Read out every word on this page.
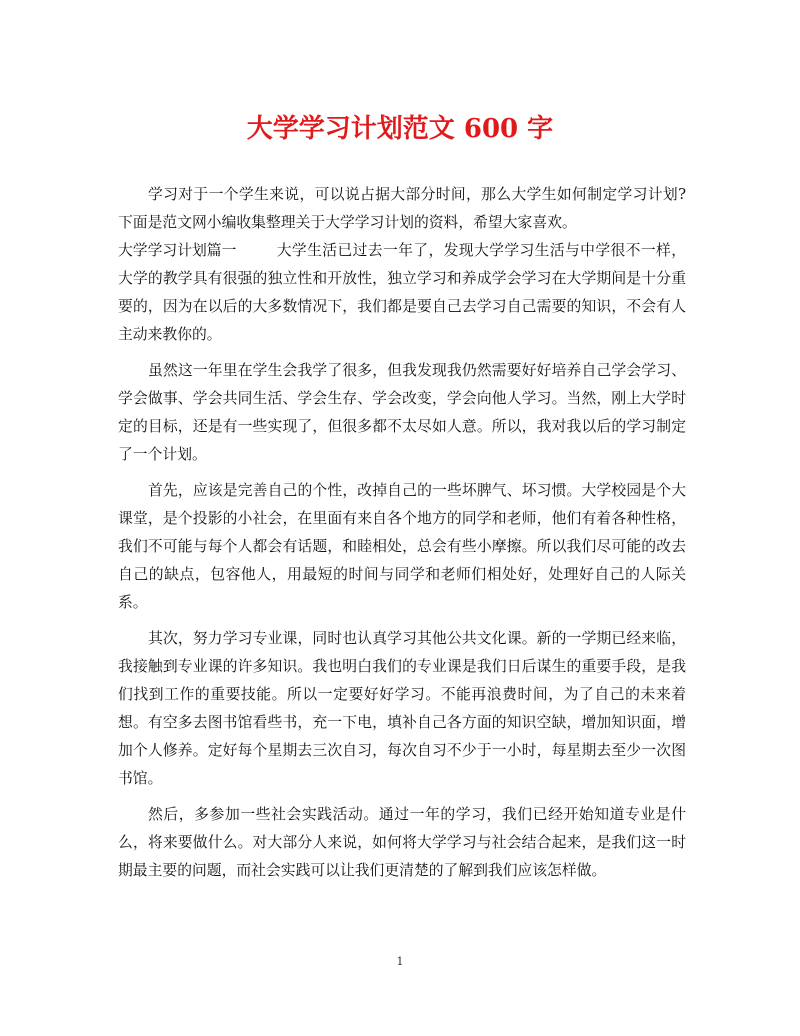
大学学习计划范文 600 字

学习对于一个学生来说，可以说占据大部分时间，那么大学生如何制定学习计划?下面是范文网小编收集整理关于大学学习计划的资料，希望大家喜欢。

大学学习计划篇一	大学生活已过去一年了，发现大学学习生活与中学很不一样，大学的教学具有很强的独立性和开放性，独立学习和养成学会学习在大学期间是十分重要的，因为在以后的大多数情况下，我们都是要自己去学习自己需要的知识，不会有人主动来教你的。

虽然这一年里在学生会我学了很多，但我发现我仍然需要好好培养自己学会学习、学会做事、学会共同生活、学会生存、学会改变，学会向他人学习。当然，刚上大学时定的目标，还是有一些实现了，但很多都不太尽如人意。所以，我对我以后的学习制定了一个计划。

首先，应该是完善自己的个性，改掉自己的一些坏脾气、坏习惯。大学校园是个大课堂，是个投影的小社会，在里面有来自各个地方的同学和老师，他们有着各种性格，我们不可能与每个人都会有话题，和睦相处，总会有些小摩擦。所以我们尽可能的改去自己的缺点，包容他人，用最短的时间与同学和老师们相处好，处理好自己的人际关系。

其次，努力学习专业课，同时也认真学习其他公共文化课。新的一学期已经来临，我接触到专业课的许多知识。我也明白我们的专业课是我们日后谋生的重要手段，是我们找到工作的重要技能。所以一定要好好学习。不能再浪费时间，为了自己的未来着想。有空多去图书馆看些书，充一下电，填补自己各方面的知识空缺，增加知识面，增加个人修养。定好每个星期去三次自习，每次自习不少于一小时，每星期去至少一次图书馆。

然后，多参加一些社会实践活动。通过一年的学习，我们已经开始知道专业是什么，将来要做什么。对大部分人来说，如何将大学学习与社会结合起来，是我们这一时期最主要的问题，而社会实践可以让我们更清楚的了解到我们应该怎样做。

1
